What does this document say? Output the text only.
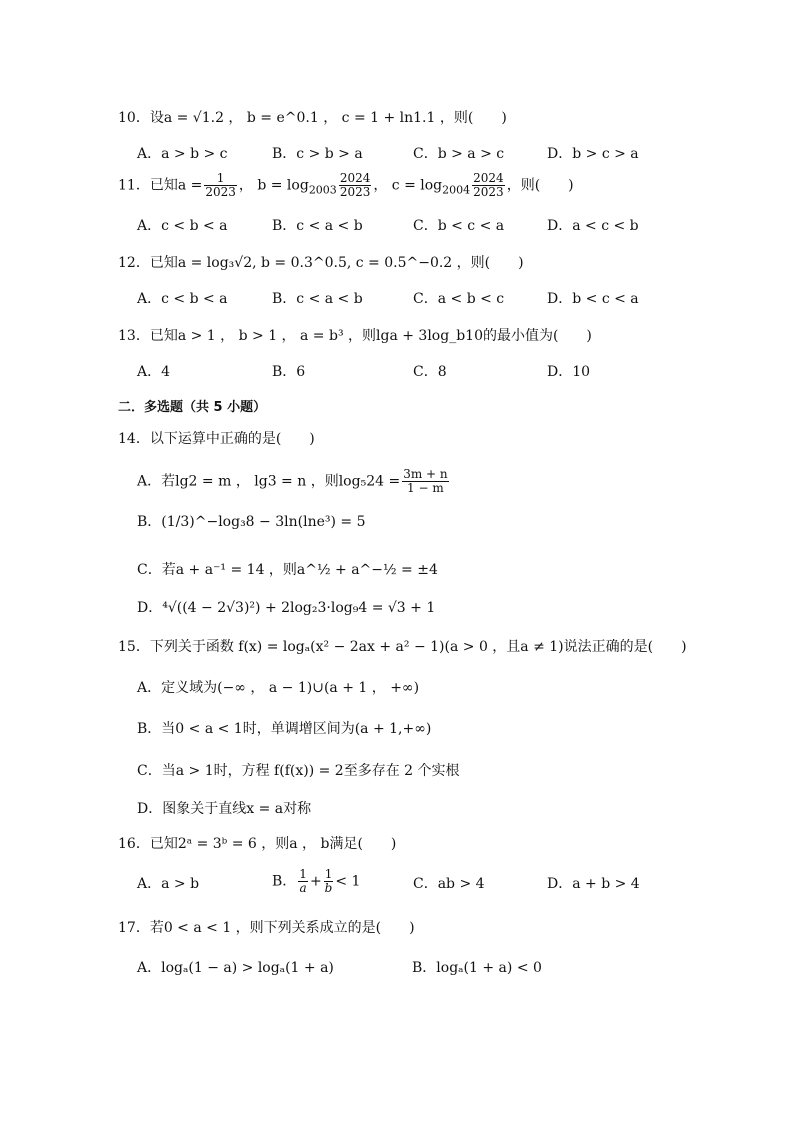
10．设a = √1.2 ， b = e^0.1 ， c = 1 + ln1.1 ，则(　　)
A．a > b > c	B．c > b > a	C．b > a > c	D．b > c > a
11．已知$a = \frac{1}{2023}$ ， $b = \log_{2003} \frac{2024}{2023}$ ， $c = \log_{2004} \frac{2024}{2023}$ ，则(　　)
A．c < b < a	B．c < a < b	C．b < c < a	D．a < c < b
12．已知a = log₃√2, b = 0.3^0.5, c = 0.5^−0.2 ，则(　　)
A．c < b < a	B．c < a < b	C．a < b < c	D．b < c < a
13．已知a > 1 ， b > 1 ， a = b³ ，则lga + 3log_b10的最小值为(　　)
A．4	B．6	C．8	D．10
二．多选题（共 5 小题）
14．以下运算中正确的是(　　)
A．若lg2 = m ， lg3 = n ，则$\log_524 = \frac{3m + n}{1 - m}$
B．(1/3)^−log₃8 − 3ln(lne³) = 5
C．若a + a⁻¹ = 14 ，则a^½ + a^−½ = ±4
D．⁴√((4 − 2√3)²) + 2log₂3·log₉4 = √3 + 1
15．下列关于函数 f(x) = logₐ(x² − 2ax + a² − 1)(a > 0 ，且a ≠ 1)说法正确的是(　　)
A．定义域为(−∞ ， a − 1)∪(a + 1 ， +∞)
B．当0 < a < 1时，单调增区间为(a + 1,+∞)
C．当a > 1时，方程 f(f(x)) = 2至多存在 2 个实根
D．图象关于直线x = a对称
16．已知2ᵃ = 3ᵇ = 6 ，则a ， b满足(　　)
A．a > b	B． $\frac{1}{a} + \frac{1}{b} < 1$	C．ab > 4	D．a + b > 4
17．若0 < a < 1 ，则下列关系成立的是(　　)
A．logₐ(1 − a) > logₐ(1 + a)	B．logₐ(1 + a) < 0
